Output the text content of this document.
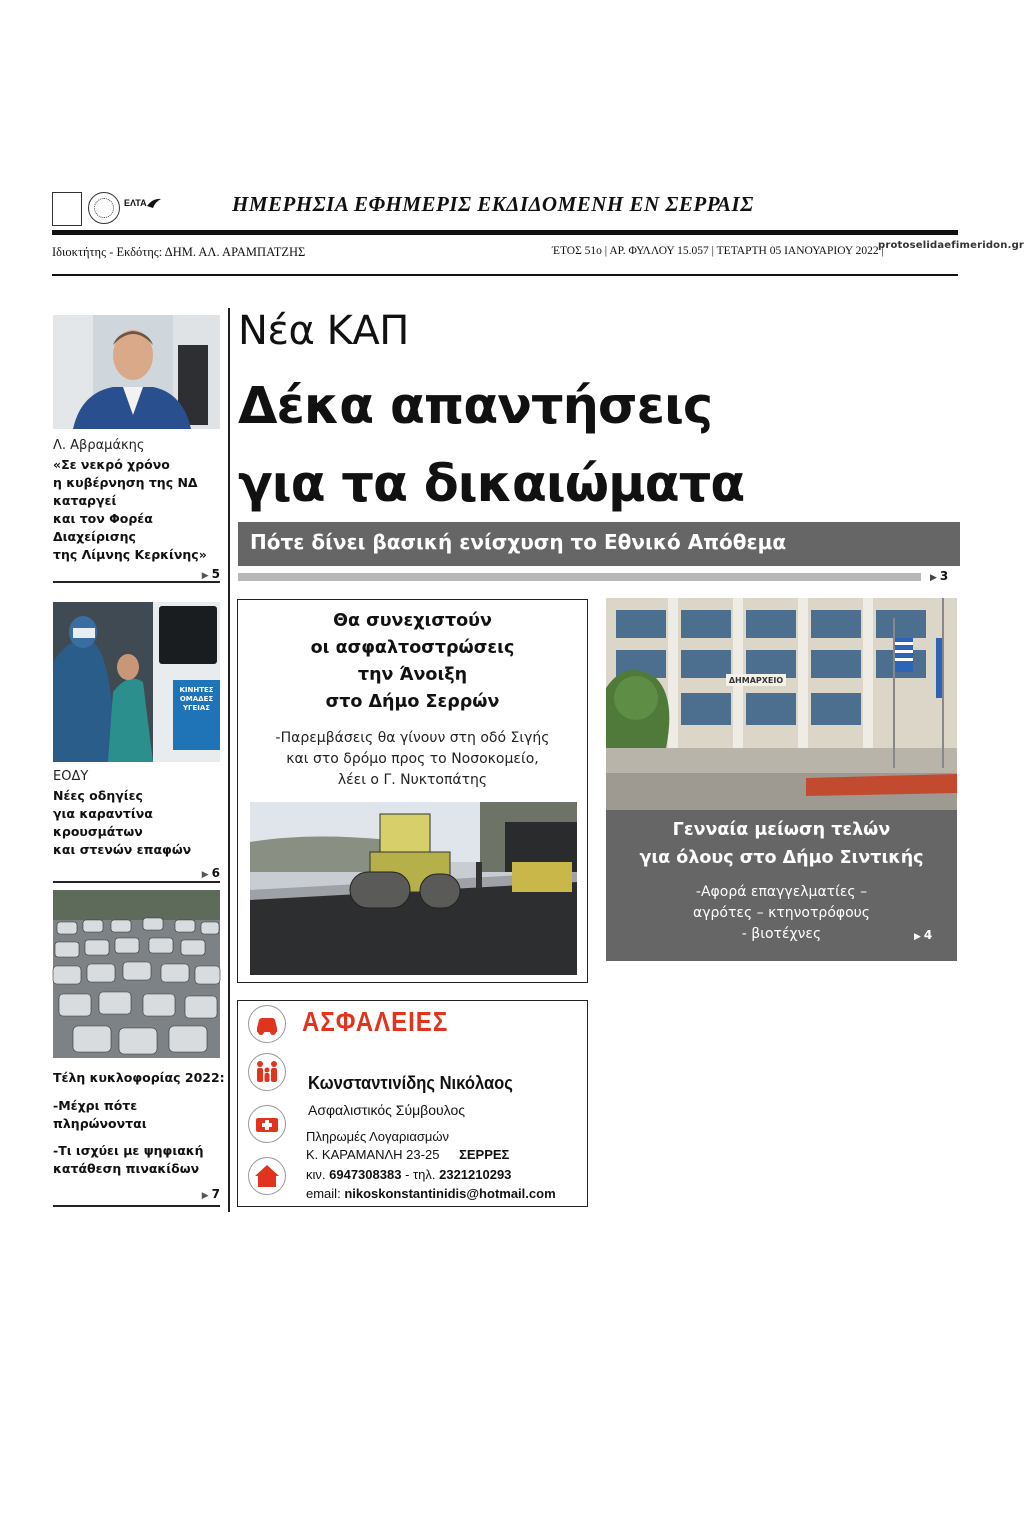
ΕΛΤΑ	ΗΜΕΡΗΣΙΑ ΕΦΗΜΕΡΙΣ ΕΚΔΙΔΟΜΕΝΗ ΕΝ ΣΕΡΡΑΙΣ
Ιδιοκτήτης - Εκδότης: ΔΗΜ. ΑΛ. ΑΡΑΜΠΑΤΖΗΣ	ΈΤΟΣ 51ο | ΑΡ. ΦΥΛΛΟΥ 15.057 | ΤΕΤΑΡΤΗ 05 ΙΑΝΟΥΑΡΙΟΥ 2022 |
protoselidaefimeridon.gr
Λ. Αβραμάκης
«Σε νεκρό χρόνο
η κυβέρνηση της ΝΔ
καταργεί
και τον Φορέα
Διαχείρισης
της Λίμνης Κερκίνης»
▶ 5
ΚΙΝΗΤΕΣ
ΟΜΑΔΕΣ
ΥΓΕΙΑΣ
ΕΟΔΥ
Νέες οδηγίες
για καραντίνα
κρουσμάτων
και στενών επαφών
▶ 6
Τέλη κυκλοφορίας 2022:
-Μέχρι πότε
πληρώνονται
-Τι ισχύει με ψηφιακή
κατάθεση πινακίδων
▶ 7
Νέα ΚΑΠ
Δέκα απαντήσεις
για τα δικαιώματα
Πότε δίνει βασική ενίσχυση το Εθνικό Απόθεμα
▶ 3
Θα συνεχιστούν
οι ασφαλτοστρώσεις
την Άνοιξη
στο Δήμο Σερρών
-Παρεμβάσεις θα γίνουν στη οδό Σιγής
και στο δρόμο προς το Νοσοκομείο,
λέει ο Γ. Νυκτοπάτης
ΔΗΜΑΡΧΕΙΟ
Γενναία μείωση τελών
για όλους στο Δήμο Σιντικής
-Αφορά επαγγελματίες –
αγρότες – κτηνοτρόφους
- βιοτέχνες	▶ 4
ΑΣΦΑΛΕΙΕΣ
Κωνσταντινίδης Νικόλαος
Ασφαλιστικός Σύμβουλος
Πληρωμές Λογαριασμών
Κ. ΚΑΡΑΜΑΝΛΗ 23-25 ΣΕΡΡΕΣ
κιν. 6947308383 - τηλ. 2321210293
email: nikoskonstantinidis@hotmail.com
